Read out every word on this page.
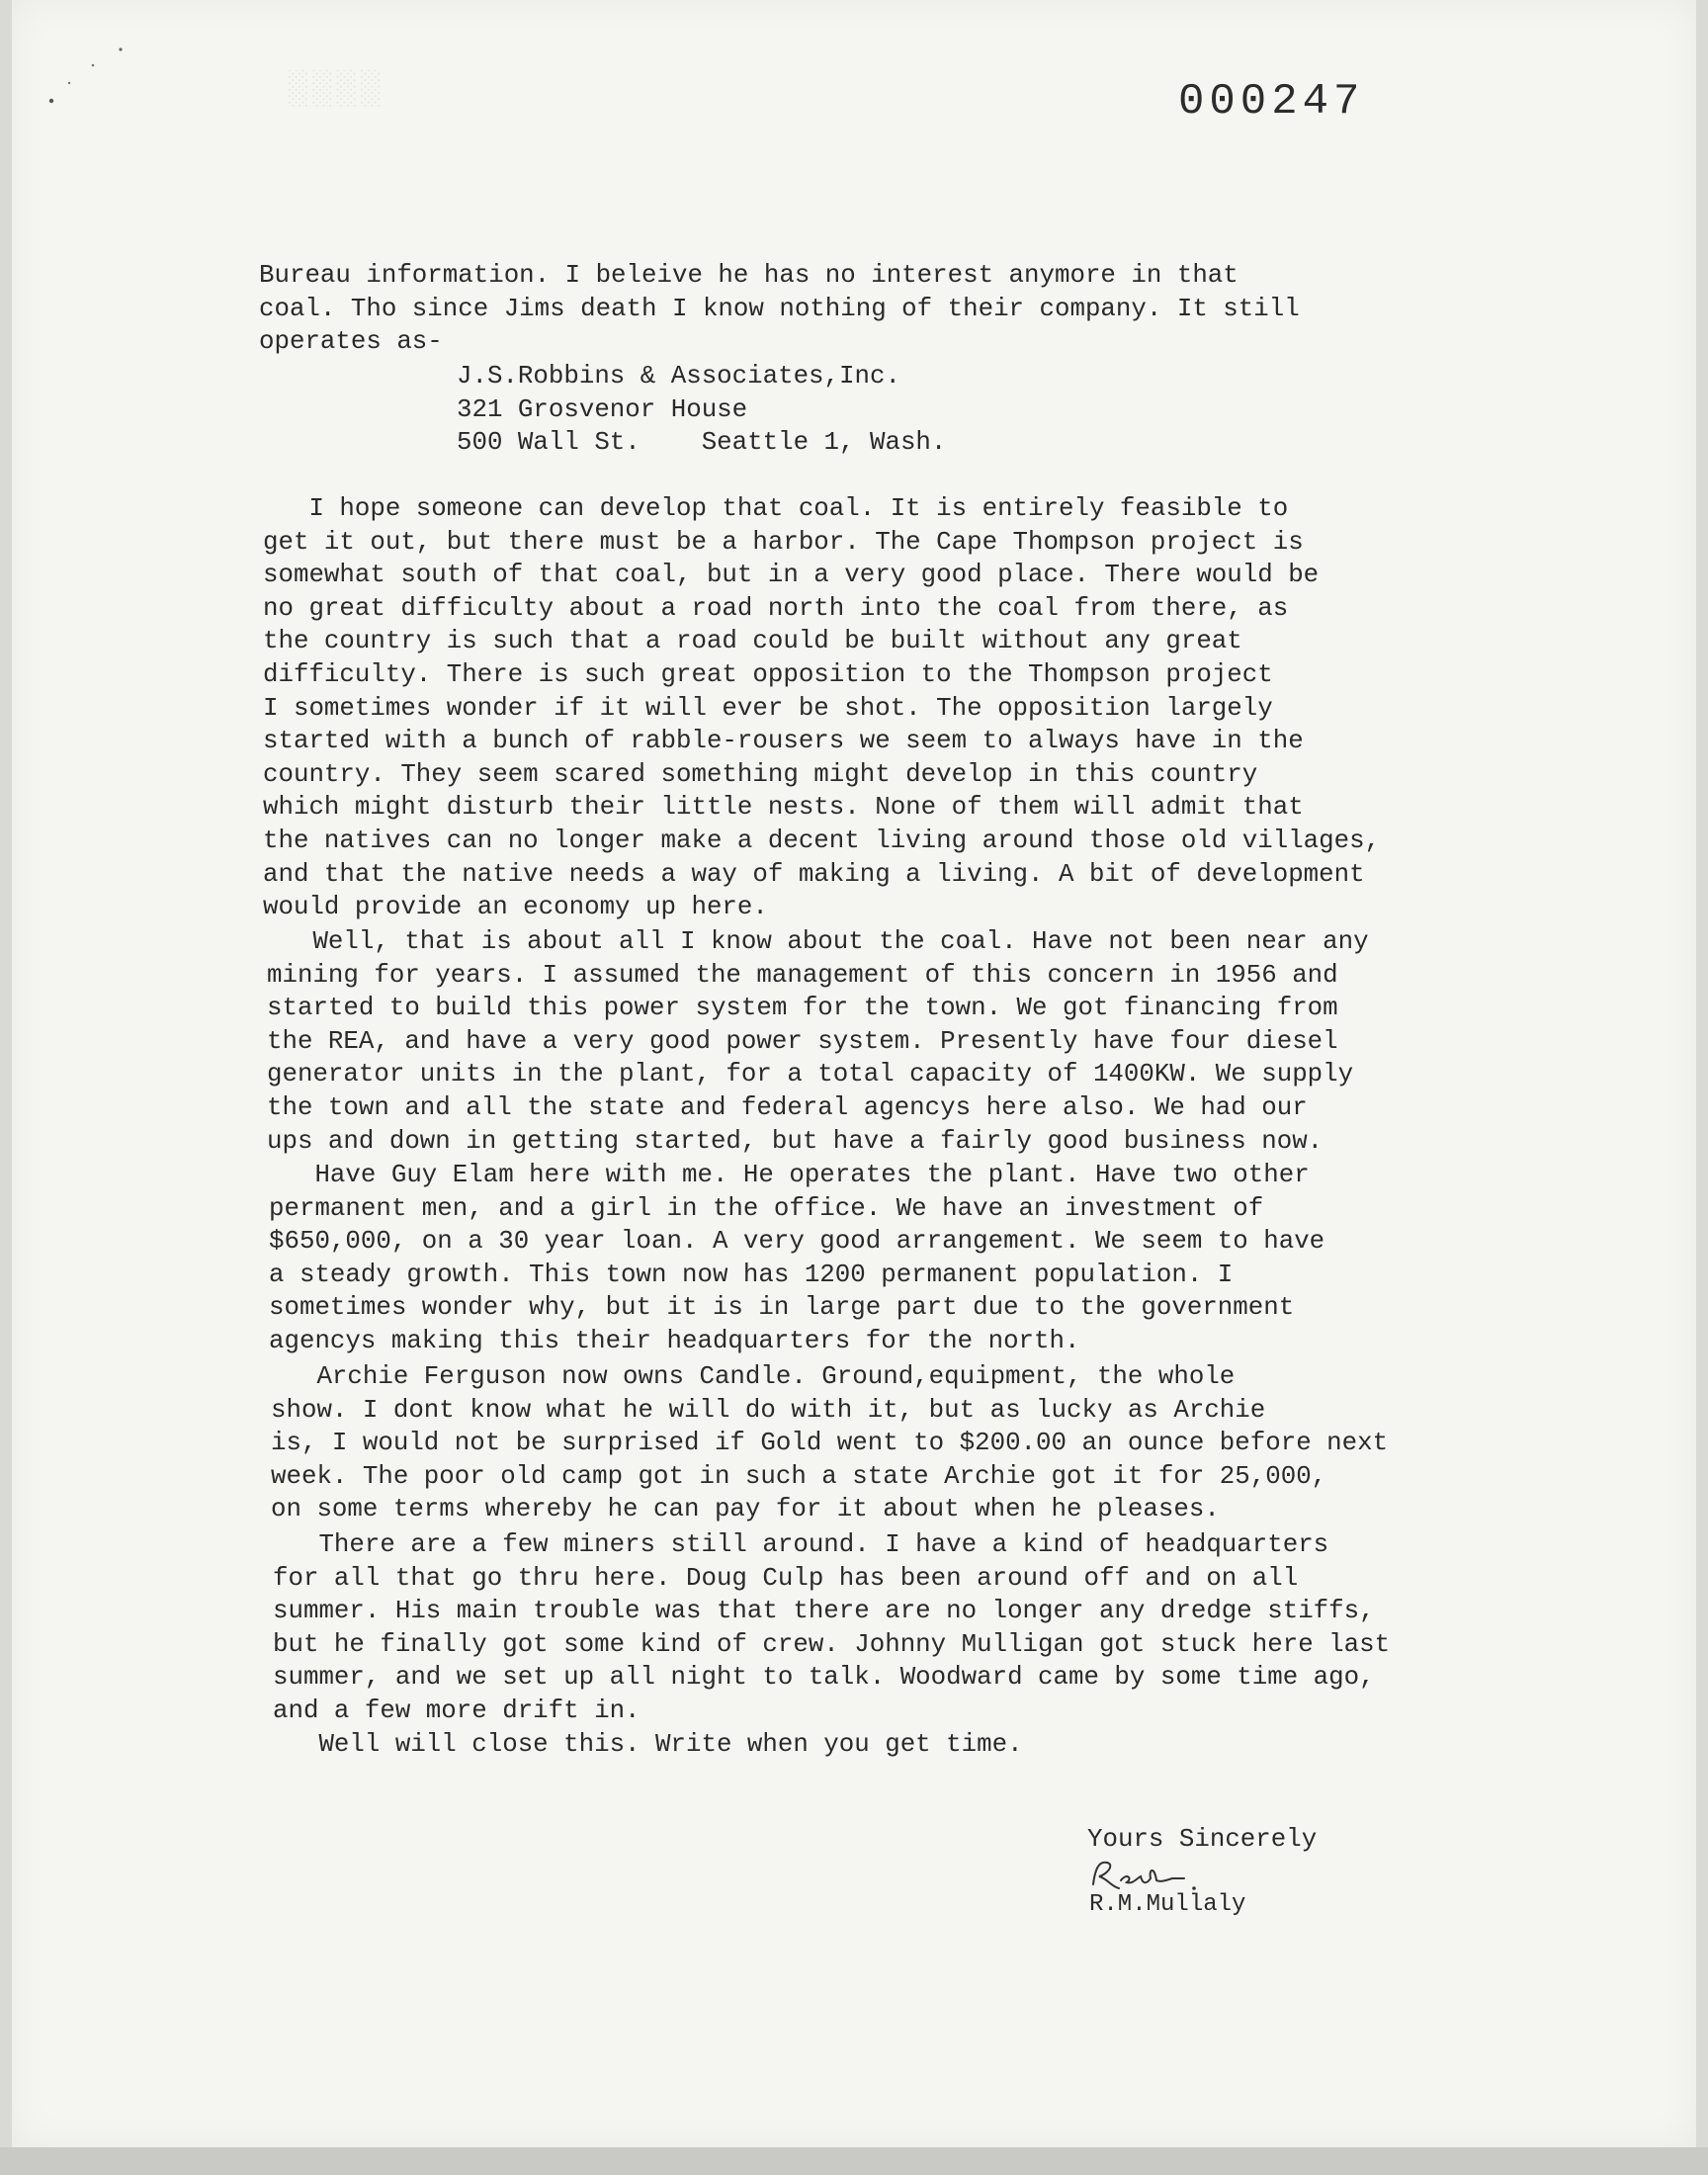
░░░░	000247
Bureau information. I beleive he has no interest anymore in that
coal. Tho since Jims death I know nothing of their company. It still
operates as-
J.S.Robbins & Associates,Inc.
321 Grosvenor House
500 Wall St.    Seattle 1, Wash.
I hope someone can develop that coal. It is entirely feasible to
get it out, but there must be a harbor. The Cape Thompson project is
somewhat south of that coal, but in a very good place. There would be
no great difficulty about a road north into the coal from there, as
the country is such that a road could be built without any great
difficulty. There is such great opposition to the Thompson project
I sometimes wonder if it will ever be shot. The opposition largely
started with a bunch of rabble-rousers we seem to always have in the
country. They seem scared something might develop in this country
which might disturb their little nests. None of them will admit that
the natives can no longer make a decent living around those old villages,
and that the native needs a way of making a living. A bit of development
would provide an economy up here.
Well, that is about all I know about the coal. Have not been near any
mining for years. I assumed the management of this concern in 1956 and
started to build this power system for the town. We got financing from
the REA, and have a very good power system. Presently have four diesel
generator units in the plant, for a total capacity of 1400KW. We supply
the town and all the state and federal agencys here also. We had our
ups and down in getting started, but have a fairly good business now.
Have Guy Elam here with me. He operates the plant. Have two other
permanent men, and a girl in the office. We have an investment of
$650,000, on a 30 year loan. A very good arrangement. We seem to have
a steady growth. This town now has 1200 permanent population. I
sometimes wonder why, but it is in large part due to the government
agencys making this their headquarters for the north.
Archie Ferguson now owns Candle. Ground,equipment, the whole
show. I dont know what he will do with it, but as lucky as Archie
is, I would not be surprised if Gold went to $200.00 an ounce before next
week. The poor old camp got in such a state Archie got it for 25,000,
on some terms whereby he can pay for it about when he pleases.
There are a few miners still around. I have a kind of headquarters
for all that go thru here. Doug Culp has been around off and on all
summer. His main trouble was that there are no longer any dredge stiffs,
but he finally got some kind of crew. Johnny Mulligan got stuck here last
summer, and we set up all night to talk. Woodward came by some time ago,
and a few more drift in.
Well will close this. Write when you get time.
Yours Sincerely
R.M.Mullaly
